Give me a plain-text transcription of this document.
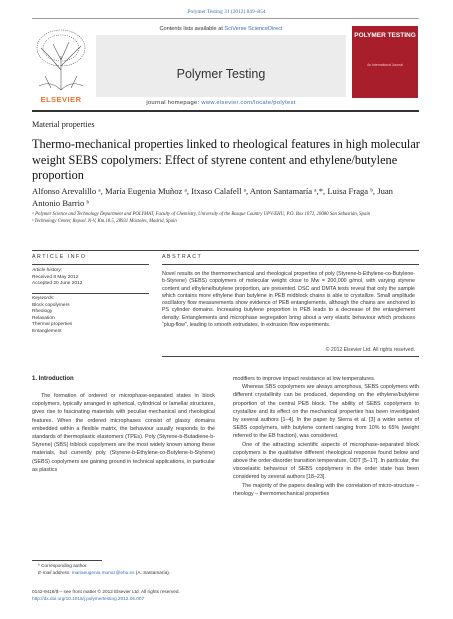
Polymer Testing 31 (2012) 849–854
ELSEVIER
Contents lists available at SciVerse ScienceDirect
Polymer Testing
journal homepage: www.elsevier.com/locate/polytest
POLYMER TESTING
An International Journal
Material properties
Thermo-mechanical properties linked to rheological features in high molecular weight SEBS copolymers: Effect of styrene content and ethylene/butylene proportion
Alfonso Arevalillo ᵃ, María Eugenia Muñoz ᵃ, Itxaso Calafell ᵃ, Anton Santamaría ᵃ,*, Luisa Fraga ᵇ, Juan Antonio Barrio ᵇ
ᵃ Polymer Science and Technology Department and POLYMAT, Faculty of Chemistry, University of the Basque Country UPV/EHU, P.O. Box 1072, 20080 San Sebastián, Spain
ᵇ Technology Center, Repsol. N-V, Km.18.5, 28931 Móstoles, Madrid, Spain
ARTICLE INFO	ABSTRACT
Article history:
Received 8 May 2012
Accepted 20 June 2012
Keywords:
Block copolymers
Rheology
Relaxation
Thermal properties
Entanglement
Novel results on the thermomechanical and rheological properties of poly (Styrene-b-Ethylene-co-Butylene-b-Styrene) (SEBS) copolymers of molecular weight close to Mw = 200,000 g/mol, with varying styrene content and ethylene/butylene proportion, are presented. DSC and DMTA tests reveal that only the sample which contains more ethylene than butylene in PEB midblock chains is able to crystallize. Small amplitude oscillatory flow measurements show evidence of PEB entanglements, although the chains are anchored to PS cylinder domains. Increasing butylene proportion in PEB leads to a decrease of the entanglement density. Entanglements and microphase segregation bring about a very elastic behaviour which produces “plug-flow”, leading to smooth extrudates, in extrusion flow experiments.
© 2012 Elsevier Ltd. All rights reserved.
1. Introduction

The formation of ordered or microphase-separated states in block copolymers, typically arranged in spherical, cylindrical or lamellar structures, gives rise to fascinating materials with peculiar mechanical and rheological features. When the ordered microphases consist of glassy domains embedded within a flexible matrix, the behaviour usually responds to the standards of thermoplastic elastomers (TPEs). Poly (Styrene-b-Butadiene-b-Styrene) (SBS) triblock copolymers are the most widely known among these materials, but currently poly (Styrene-b-Ethylene-co-Butylene-b-Styrene) (SEBS) copolymers are gaining ground in technical applications, in particular as plastics

modifiers to improve impact resistance at low temperatures.

Whereas SBS copolymers are always amorphous, SEBS copolymers with different crystallinity can be produced, depending on the ethylene/butylene proportion of the central PEB block. The ability of SEBS copolymers to crystallize and its effect on the mechanical properties has been investigated by several authors [1–4]. In the paper by Sierra et al. [3] a wider series of SEBS copolymers, with butylene content ranging from 10% to 65% (weight referred to the EB fraction), was considered.

One of the attracting scientific aspects of microphase-separated block copolymers is the qualitative different rheological response found below and above the order-disorder transition temperature, ODT [5–17]. In particular, the viscoelastic behaviour of SEBS copolymers in the order state has been considered by several authors [18–23].

The majority of the papers dealing with the correlation of micro-structure – rheology – thermomechanical properties

* Corresponding author.
E-mail address: mariaeugenia.munoz@ehu.es (A. Santamaría).
0142-9418/$ – see front matter © 2012 Elsevier Ltd. All rights reserved.
http://dx.doi.org/10.1016/j.polymertesting.2012.06.007
